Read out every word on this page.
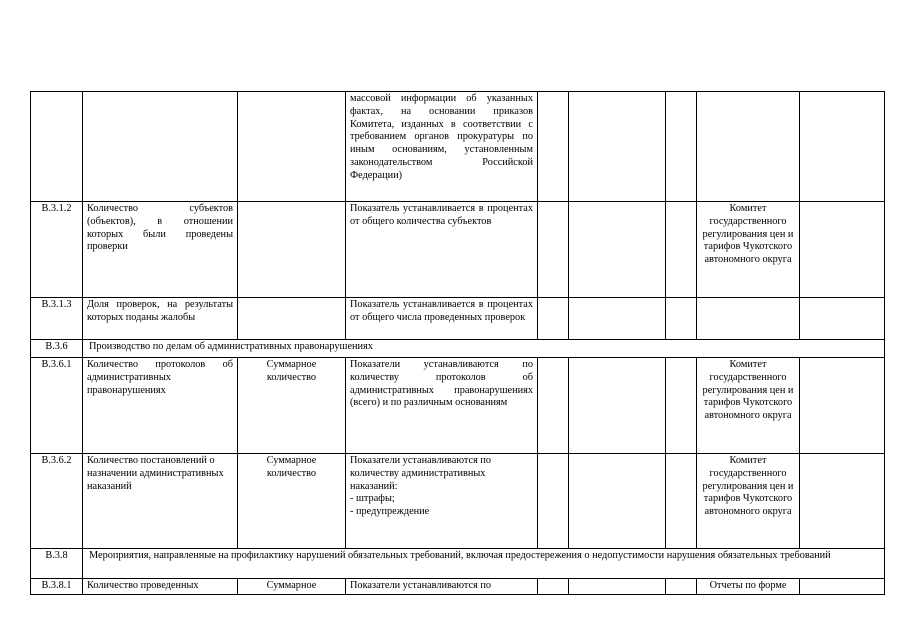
			массовой информации об указанных фактах, на основании приказов Комитета, изданных в соответствии с требованием органов прокуратуры по иным основаниям, установленным законодательством Российской Федерации)					
В.3.1.2	Количество субъектов (объектов), в отношении которых были проведены проверки		Показатель устанавливается в процентах от общего количества субъектов				Комитет государственного регулирования цен и тарифов Чукотского автономного округа	
В.3.1.3	Доля проверок, на результаты которых поданы жалобы		Показатель устанавливается в процентах от общего числа проведенных проверок					
В.3.6	Производство по делам об административных правонарушениях							
В.3.6.1	Количество протоколов об административных правонарушениях	Суммарное количество	Показатели устанавливаются по количеству протоколов об административных правонарушениях (всего) и по различным основаниям				Комитет государственного регулирования цен и тарифов Чукотского автономного округа	
В.3.6.2	Количество постановлений о назначении административных наказаний	Суммарное количество	Показатели устанавливаются по количеству административных наказаний:
- штрафы;
- предупреждение				Комитет государственного регулирования цен и тарифов Чукотского автономного округа	
В.3.8	Мероприятия, направленные на профилактику нарушений обязательных требований, включая предостережения о недопустимости нарушения обязательных требований							
В.3.8.1	Количество проведенных	Суммарное	Показатели устанавливаются по				Отчеты по форме	
